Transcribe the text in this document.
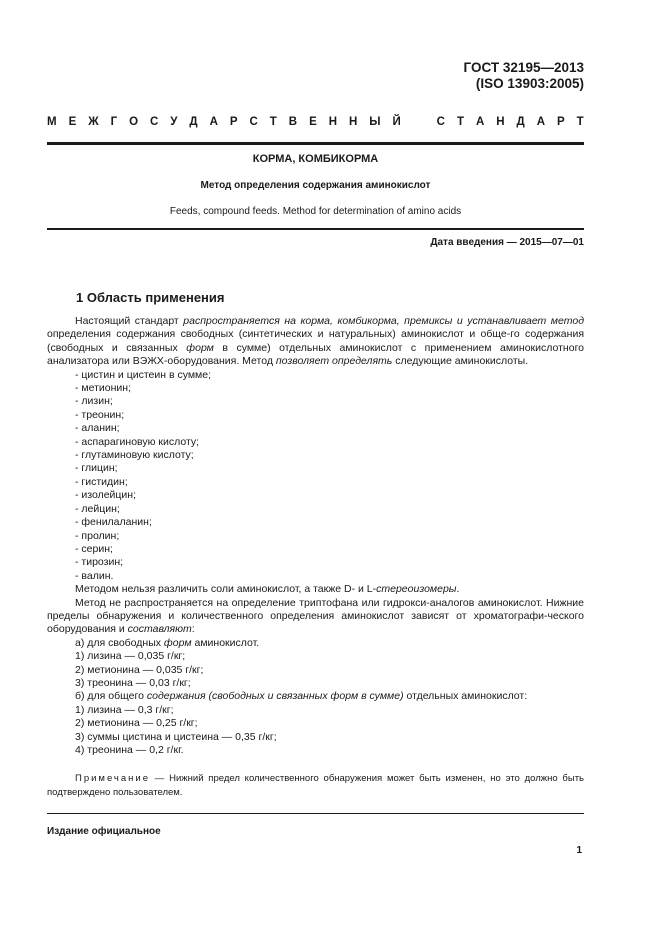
ГОСТ 32195—2013
(ISO 13903:2005)
М Е Ж Г О С У Д А Р С Т В Е Н Н Ы Й	С Т А Н Д А Р Т
КОРМА, КОМБИКОРМА
Метод определения содержания аминокислот
Feeds, compound feeds. Method for determination of amino acids
Дата введения — 2015—07—01
1 Область применения

Настоящий стандарт распространяется на корма, комбикорма, премиксы и устанавливает метод определения содержания свободных (синтетических и натуральных) аминокислот и обще-го содержания (свободных и связанных форм в сумме) отдельных аминокислот с применением аминокислотного анализатора или ВЭЖХ-оборудования. Метод позволяет определять следующие аминокислоты.

- цистин и цистеин в сумме;

- метионин;

- лизин;

- треонин;

- аланин;

- аспарагиновую кислоту;

- глутаминовую кислоту;

- глицин;

- гистидин;

- изолейцин;

- лейцин;

- фенилаланин;

- пролин;

- серин;

- тирозин;

- валин.

Методом нельзя различить соли аминокислот, а также D- и L-стереоизомеры.

Метод не распространяется на определение триптофана или гидрокси-аналогов аминокислот. Нижние пределы обнаружения и количественного определения аминокислот зависят от хроматографи-ческого оборудования и составляют:

а) для свободных форм аминокислот.

1) лизина — 0,035 г/кг;

2) метионина — 0,035 г/кг;

3) треонина — 0,03 г/кг;

б) для общего содержания (свободных и связанных форм в сумме) отдельных аминокислот:

1) лизина — 0,3 г/кг;

2) метионина — 0,25 г/кг;

3) суммы цистина и цистеина — 0,35 г/кг;

4) треонина — 0,2 г/кг.

Примечание — Нижний предел количественного обнаружения может быть изменен, но это должно быть подтверждено пользователем.
Издание официальное
1
